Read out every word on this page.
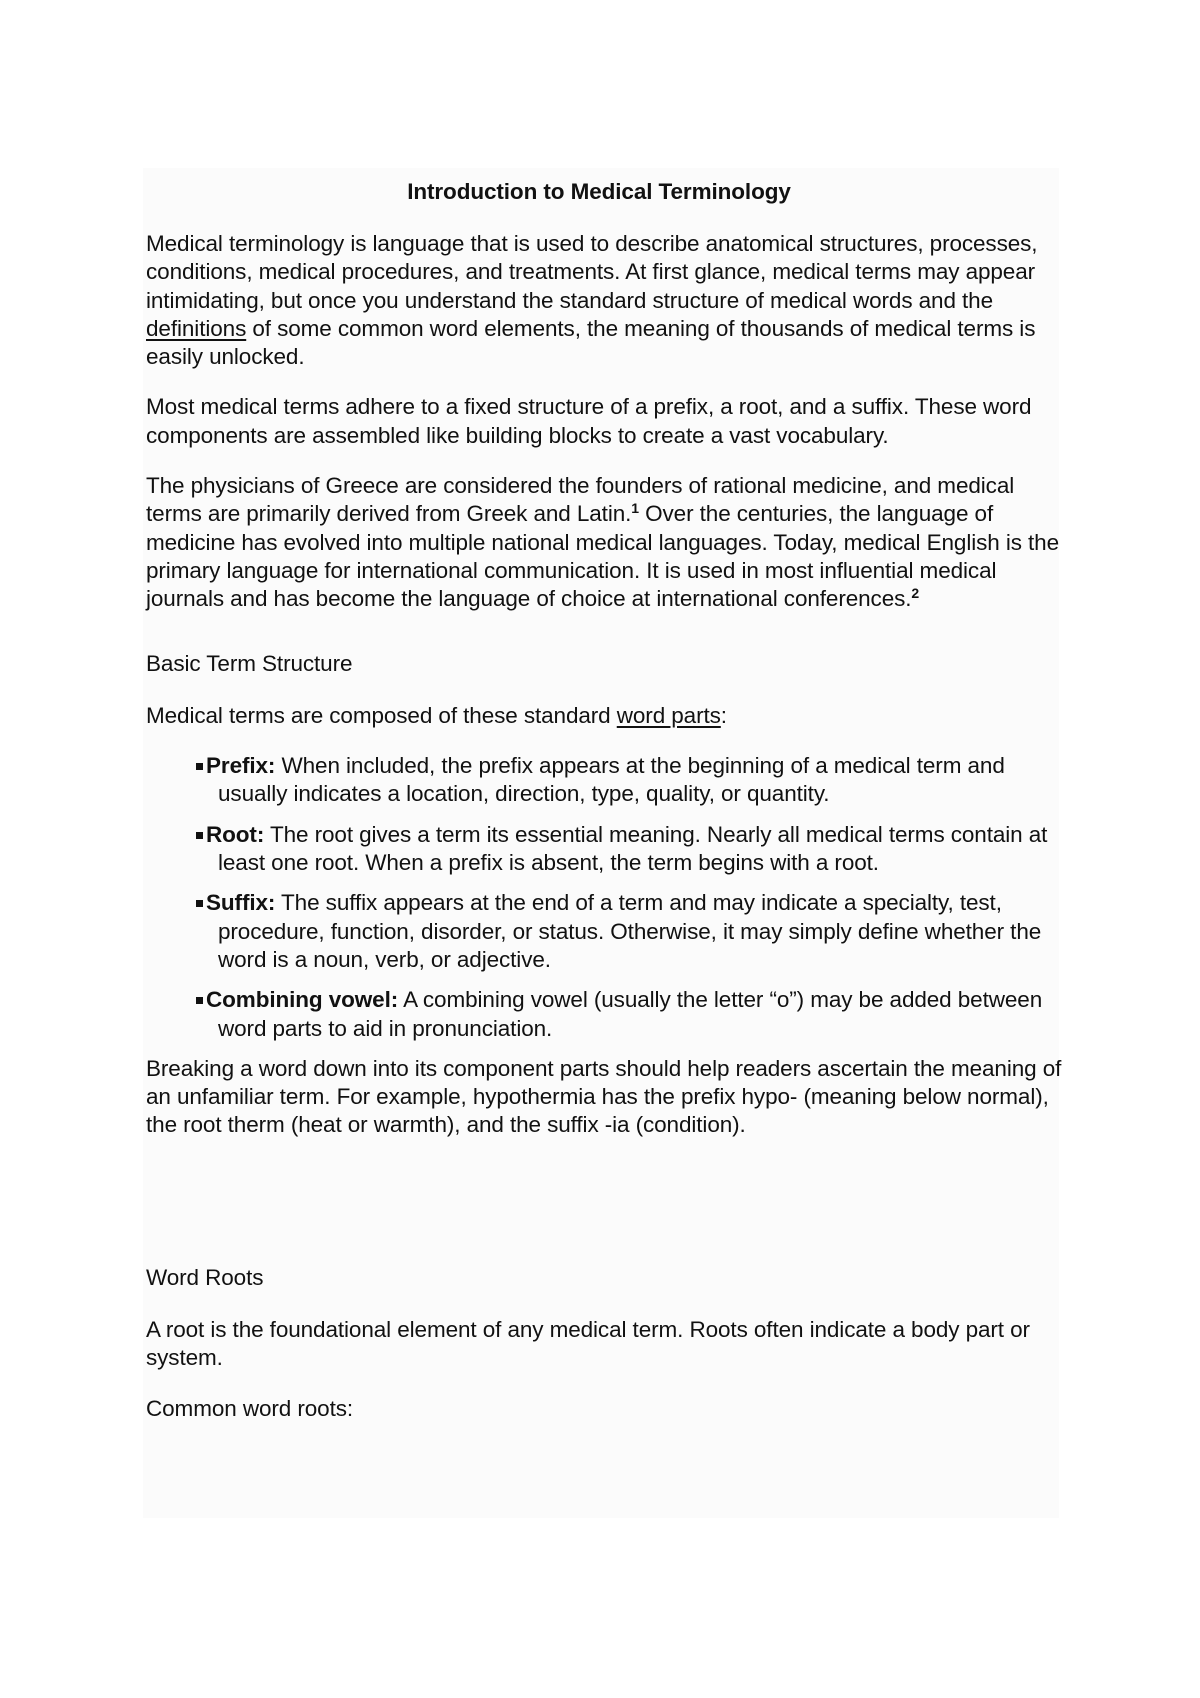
Introduction to Medical Terminology

Medical terminology is language that is used to describe anatomical structures, processes, conditions, medical procedures, and treatments. At first glance, medical terms may appear intimidating, but once you understand the standard structure of medical words and the definitions of some common word elements, the meaning of thousands of medical terms is easily unlocked.

Most medical terms adhere to a fixed structure of a prefix, a root, and a suffix. These word components are assembled like building blocks to create a vast vocabulary.

The physicians of Greece are considered the founders of rational medicine, and medical terms are primarily derived from Greek and Latin.$^1$ Over the centuries, the language of medicine has evolved into multiple national medical languages. Today, medical English is the primary language for international communication. It is used in most influential medical journals and has become the language of choice at international conferences.$^2$

Basic Term Structure

Medical terms are composed of these standard word parts:

Prefix: When included, the prefix appears at the beginning of a medical term and usually indicates a location, direction, type, quality, or quantity.
Root: The root gives a term its essential meaning. Nearly all medical terms contain at least one root. When a prefix is absent, the term begins with a root.
Suffix: The suffix appears at the end of a term and may indicate a specialty, test, procedure, function, disorder, or status. Otherwise, it may simply define whether the word is a noun, verb, or adjective.
Combining vowel: A combining vowel (usually the letter “o”) may be added between word parts to aid in pronunciation.

Breaking a word down into its component parts should help readers ascertain the meaning of an unfamiliar term. For example, hypothermia has the prefix hypo- (meaning below normal), the root therm (heat or warmth), and the suffix -ia (condition).

Word Roots

A root is the foundational element of any medical term. Roots often indicate a body part or system.

Common word roots:
